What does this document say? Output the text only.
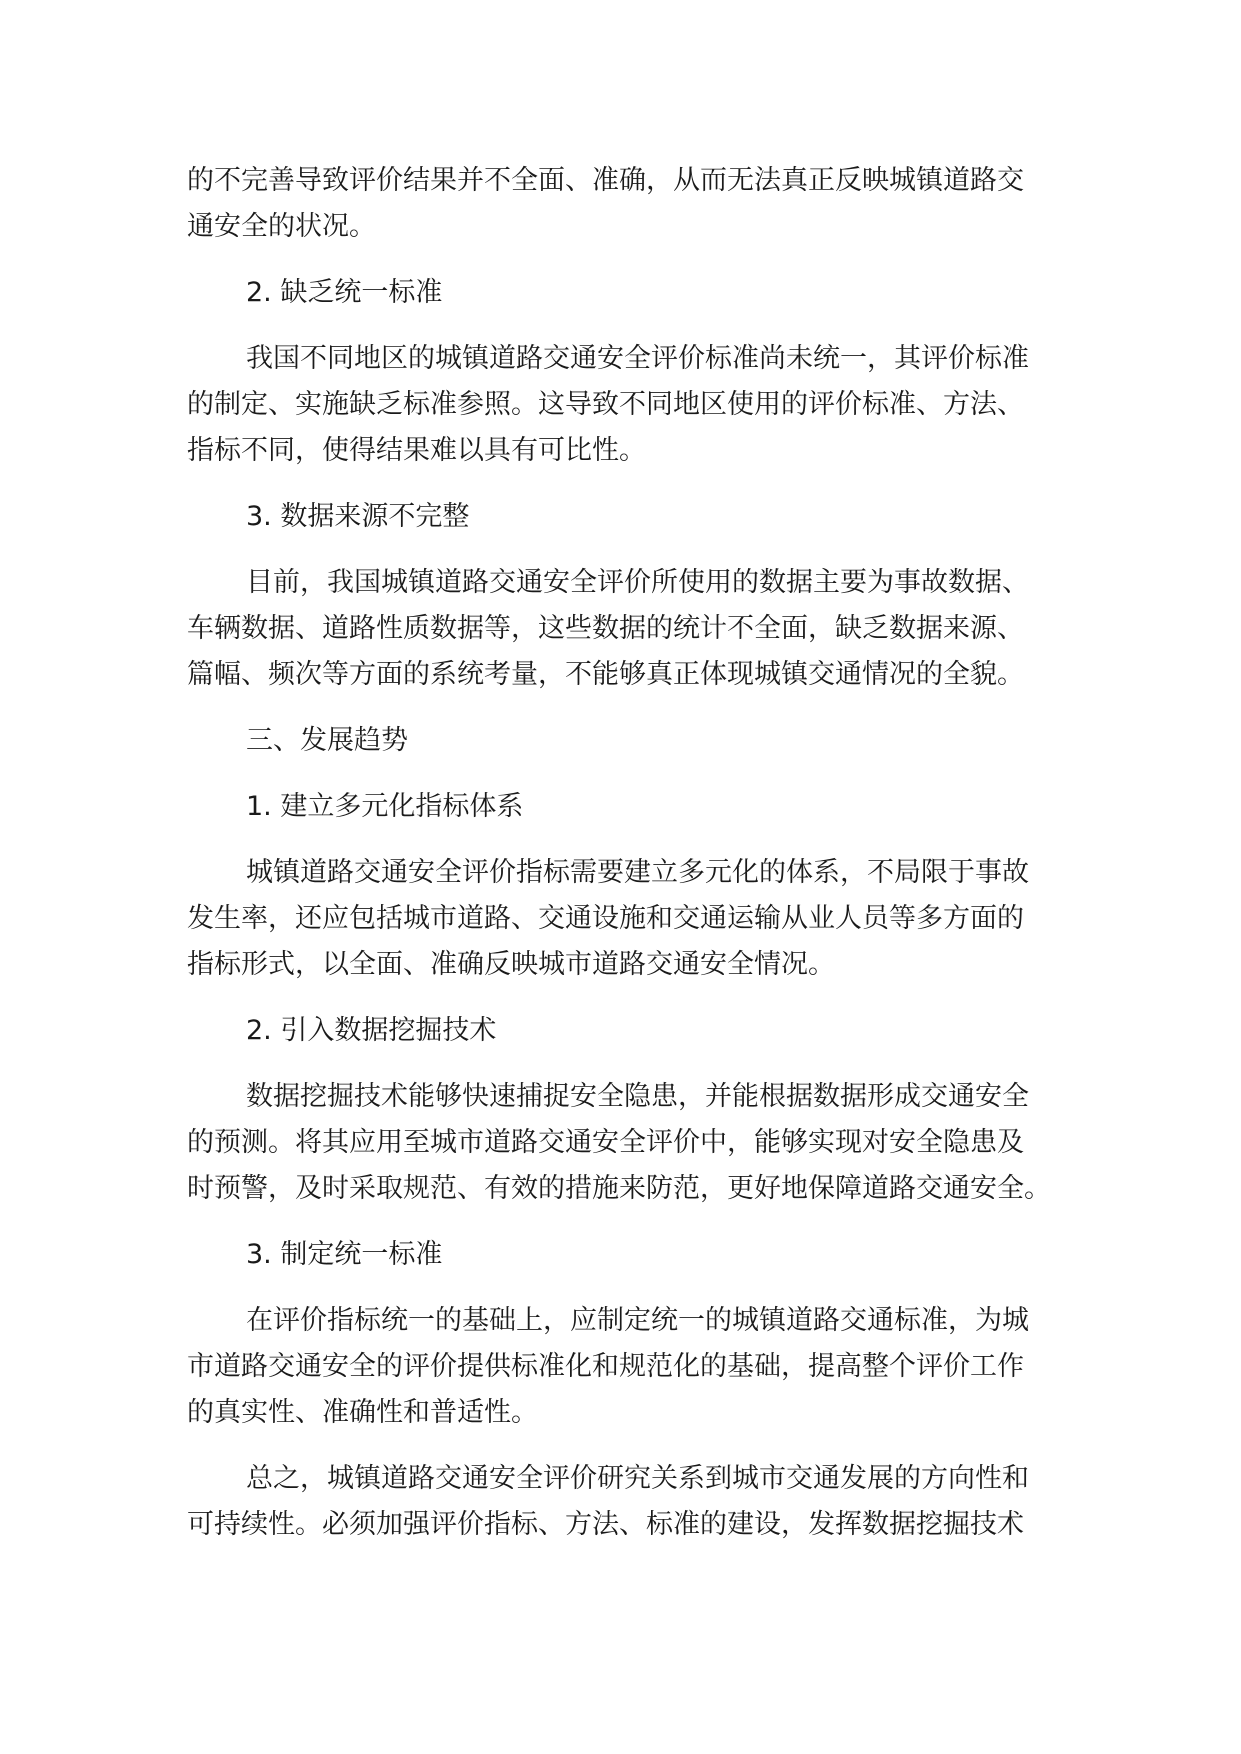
的不完善导致评价结果并不全面、准确，从而无法真正反映城镇道路交
通安全的状况。
2. 缺乏统一标准
我国不同地区的城镇道路交通安全评价标准尚未统一，其评价标准
的制定、实施缺乏标准参照。这导致不同地区使用的评价标准、方法、
指标不同，使得结果难以具有可比性。
3. 数据来源不完整
目前，我国城镇道路交通安全评价所使用的数据主要为事故数据、
车辆数据、道路性质数据等，这些数据的统计不全面，缺乏数据来源、
篇幅、频次等方面的系统考量，不能够真正体现城镇交通情况的全貌。
三、发展趋势
1. 建立多元化指标体系
城镇道路交通安全评价指标需要建立多元化的体系，不局限于事故
发生率，还应包括城市道路、交通设施和交通运输从业人员等多方面的
指标形式，以全面、准确反映城市道路交通安全情况。
2. 引入数据挖掘技术
数据挖掘技术能够快速捕捉安全隐患，并能根据数据形成交通安全
的预测。将其应用至城市道路交通安全评价中，能够实现对安全隐患及
时预警，及时采取规范、有效的措施来防范，更好地保障道路交通安全。
3. 制定统一标准
在评价指标统一的基础上，应制定统一的城镇道路交通标准，为城
市道路交通安全的评价提供标准化和规范化的基础，提高整个评价工作
的真实性、准确性和普适性。
总之，城镇道路交通安全评价研究关系到城市交通发展的方向性和
可持续性。必须加强评价指标、方法、标准的建设，发挥数据挖掘技术
